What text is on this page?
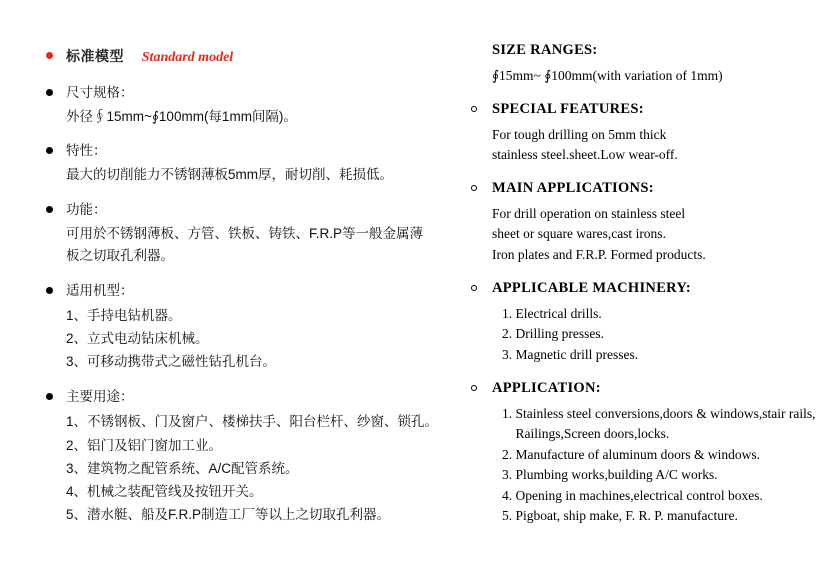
标准模型 Standard model
尺寸规格：
外径∮15mm~∮100mm(每1mm间隔)。
特性：
最大的切削能力不锈钢薄板5mm厚，耐切削、耗损低。
功能：
可用於不锈钢薄板、方管、铁板、铸铁、F.R.P等一般金属薄
板之切取孔利器。
适用机型：
1、手持电钻机器。
2、立式电动钻床机械。
3、可移动携带式之磁性钻孔机台。
主要用途：
1、不锈钢板、门及窗户、楼梯扶手、阳台栏杆、纱窗、锁孔。
2、铝门及铝门窗加工业。
3、建筑物之配管系统、A/C配管系统。
4、机械之装配管线及按钮开关。
5、潜水艇、船及F.R.P制造工厂等以上之切取孔利器。
SIZE RANGES:
∮15mm~ ∮100mm(with variation of 1mm)
SPECIAL FEATURES:
For tough drilling on 5mm thick
stainless steel.sheet.Low wear-off.
MAIN APPLICATIONS:
For drill operation on stainless steel
sheet or square wares,cast irons.
Iron plates and F.R.P. Formed products.
APPLICABLE MACHINERY:
1. Electrical drills.
2. Drilling presses.
3. Magnetic drill presses.
APPLICATION:
1. Stainless steel conversions,doors & windows,stair rails,
Railings,Screen doors,locks.
2. Manufacture of aluminum doors & windows.
3. Plumbing works,building A/C works.
4. Opening in machines,electrical control boxes.
5. Pigboat, ship make, F. R. P. manufacture.
